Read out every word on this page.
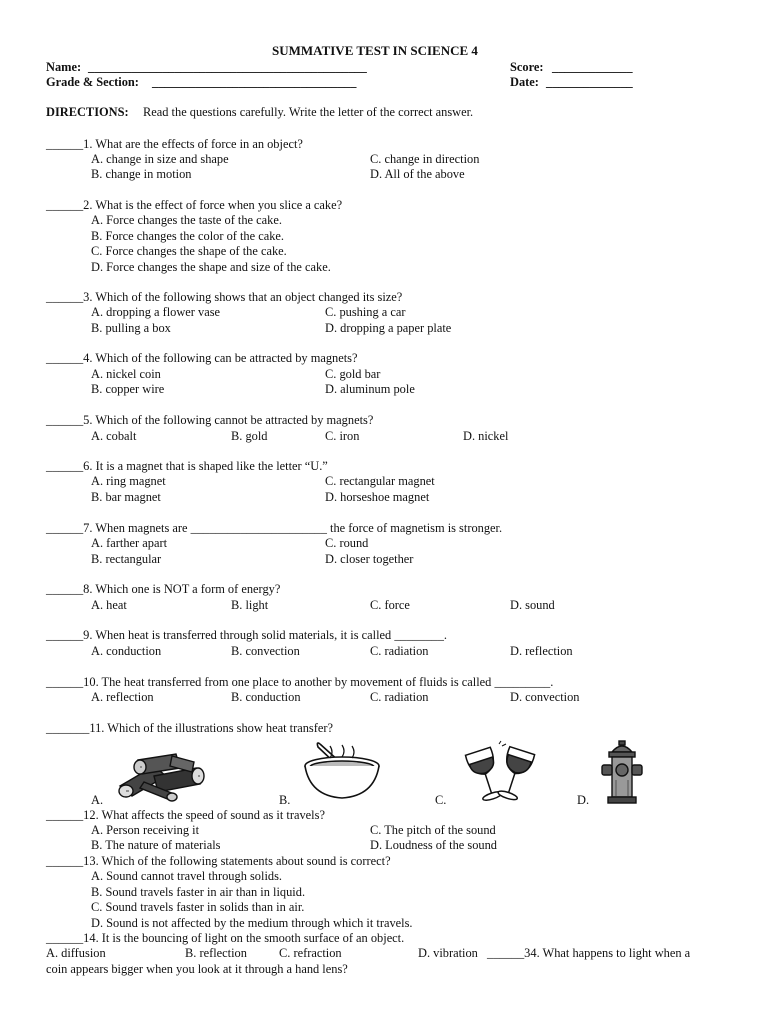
SUMMATIVE TEST IN SCIENCE 4
Name: _____________________________________________	Score: _____________
Grade & Section: _________________________________	Date: ______________
DIRECTIONS: Read the questions carefully. Write the letter of the correct answer.
______1. What are the effects of force in an object?
A. change in size and shape	C. change in direction
B. change in motion	D. All of the above
______2. What is the effect of force when you slice a cake?
A. Force changes the taste of the cake.
B. Force changes the color of the cake.
C. Force changes the shape of the cake.
D. Force changes the shape and size of the cake.
______3. Which of the following shows that an object changed its size?
A. dropping a flower vase	C. pushing a car
B. pulling a box	D. dropping a paper plate
______4. Which of the following can be attracted by magnets?
A. nickel coin	C. gold bar
B. copper wire	D. aluminum pole
______5. Which of the following cannot be attracted by magnets?
A. cobalt	B. gold	C. iron	D. nickel
______6. It is a magnet that is shaped like the letter “U.”
A. ring magnet	C. rectangular magnet
B. bar magnet	D. horseshoe magnet
______7. When magnets are ______________________ the force of magnetism is stronger.
A. farther apart	C. round
B. rectangular	D. closer together
______8. Which one is NOT a form of energy?
A. heat	B. light	C. force	D. sound
______9. When heat is transferred through solid materials, it is called ________.
A. conduction	B. convection	C. radiation	D. reflection
______10. The heat transferred from one place to another by movement of fluids is called _________.
A. reflection	B. conduction	C. radiation	D. convection
_______11. Which of the illustrations show heat transfer?
A.	B.	C.	D.
______12. What affects the speed of sound as it travels?
A. Person receiving it	C. The pitch of the sound
B. The nature of materials	D. Loudness of the sound
______13. Which of the following statements about sound is correct?
A. Sound cannot travel through solids.
B. Sound travels faster in air than in liquid.
C. Sound travels faster in solids than in air.
D. Sound is not affected by the medium through which it travels.
______14. It is the bouncing of light on the smooth surface of an object.
A. diffusion	B. reflection	C. refraction	D. vibration ______34. What happens to light when a
coin appears bigger when you look at it through a hand lens?
